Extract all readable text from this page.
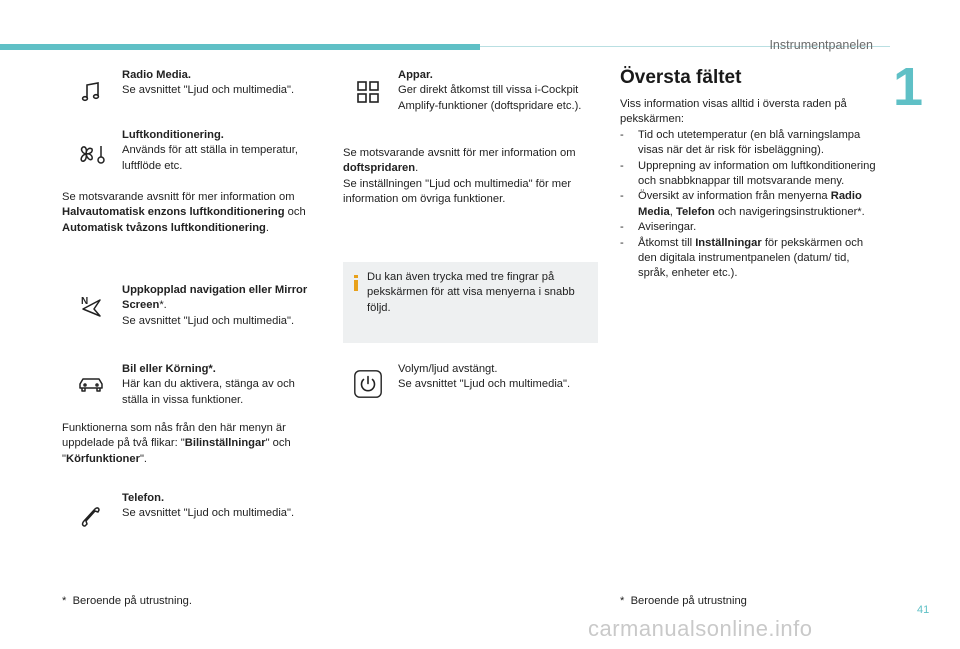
Instrumentpanelen
1
Radio Media.
Se avsnittet "Ljud och multimedia".
Luftkonditionering.
Används för att ställa in temperatur, luftflöde etc.
Se motsvarande avsnitt för mer information om Halvautomatisk enzons luftkonditionering och Automatisk tvåzons luftkonditionering.
N
Uppkopplad navigation eller Mirror Screen*.
Se avsnittet "Ljud och multimedia".
Bil eller Körning*.
Här kan du aktivera, stänga av och ställa in vissa funktioner.
Funktionerna som nås från den här menyn är uppdelade på två flikar: "Bilinställningar" och "Körfunktioner".
Telefon.
Se avsnittet "Ljud och multimedia".
* Beroende på utrustning.
Appar.
Ger direkt åtkomst till vissa i-Cockpit Amplify-funktioner (doftspridare etc.).
Se motsvarande avsnitt för mer information om doftspridaren.
Se inställningen "Ljud och multimedia" för mer information om övriga funktioner.
Du kan även trycka med tre fingrar på pekskärmen för att visa menyerna i snabb följd.
Volym/ljud avstängt.
Se avsnittet "Ljud och multimedia".
Översta fältet
Viss information visas alltid i översta raden på pekskärmen:
- Tid och utetemperatur (en blå varningslampa visas när det är risk för isbeläggning).
- Upprepning av information om luftkonditionering och snabbknappar till motsvarande meny.
- Översikt av information från menyerna Radio Media, Telefon och navigeringsinstruktioner*.
- Aviseringar.
- Åtkomst till Inställningar för pekskärmen och den digitala instrumentpanelen (datum/ tid, språk, enheter etc.).
* Beroende på utrustning
41
carmanualsonline.info
